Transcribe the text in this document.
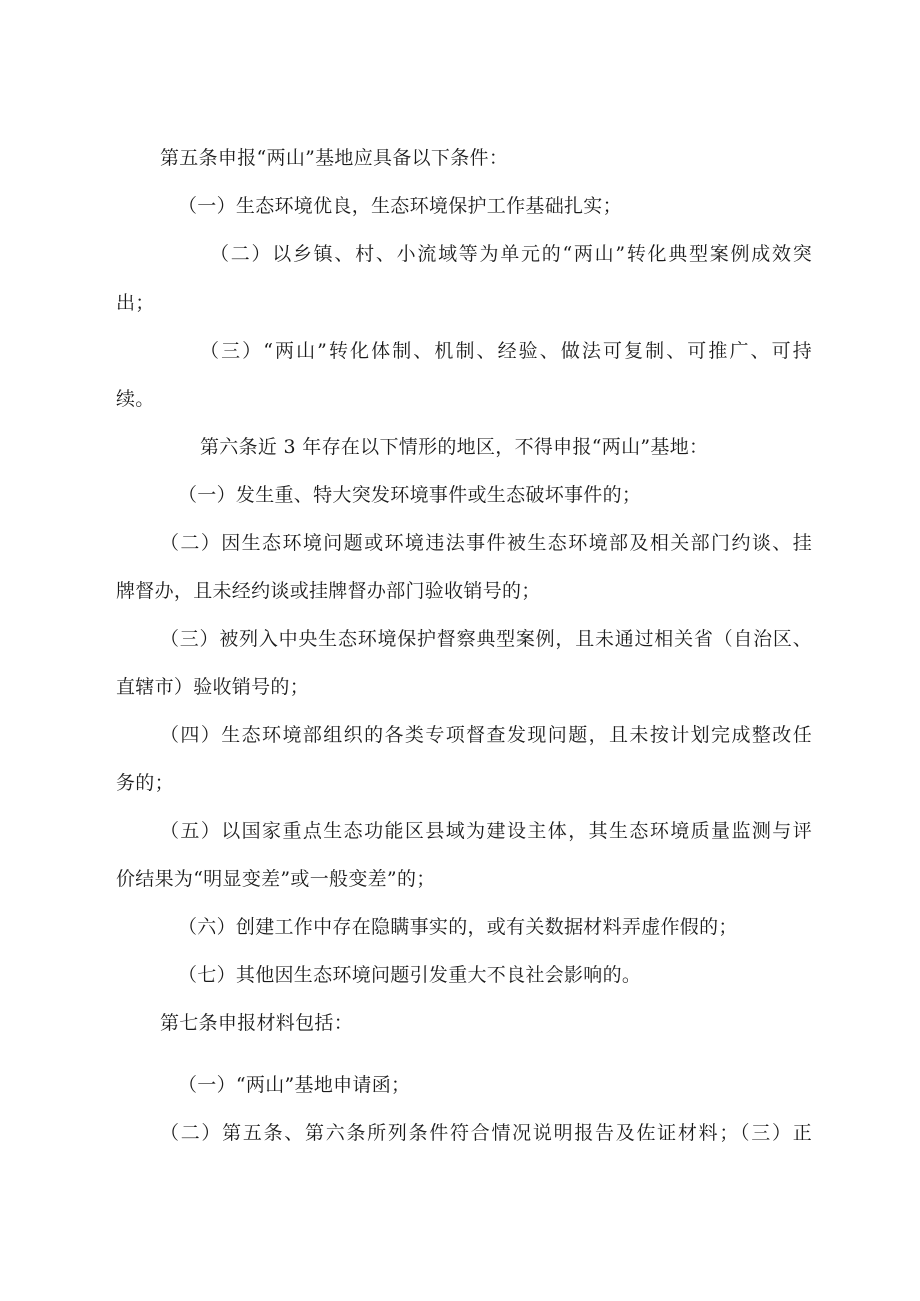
第五条申报“两山”基地应具备以下条件：
（一）生态环境优良，生态环境保护工作基础扎实；
（二）以乡镇、村、小流域等为单元的“两山”转化典型案例成效突
出；
（三）“两山”转化体制、机制、经验、做法可复制、可推广、可持
续。
第六条近 3 年存在以下情形的地区，不得申报“两山”基地：
（一）发生重、特大突发环境事件或生态破坏事件的；
（二）因生态环境问题或环境违法事件被生态环境部及相关部门约谈、挂
牌督办，且未经约谈或挂牌督办部门验收销号的；
（三）被列入中央生态环境保护督察典型案例，且未通过相关省（自治区、
直辖市）验收销号的；
（四）生态环境部组织的各类专项督查发现问题，且未按计划完成整改任
务的；
（五）以国家重点生态功能区县域为建设主体，其生态环境质量监测与评
价结果为“明显变差”或一般变差”的；
（六）创建工作中存在隐瞒事实的，或有关数据材料弄虚作假的；
（七）其他因生态环境问题引发重大不良社会影响的。
第七条申报材料包括：
（一）“两山”基地申请函；
（二）第五条、第六条所列条件符合情况说明报告及佐证材料；（三）正
